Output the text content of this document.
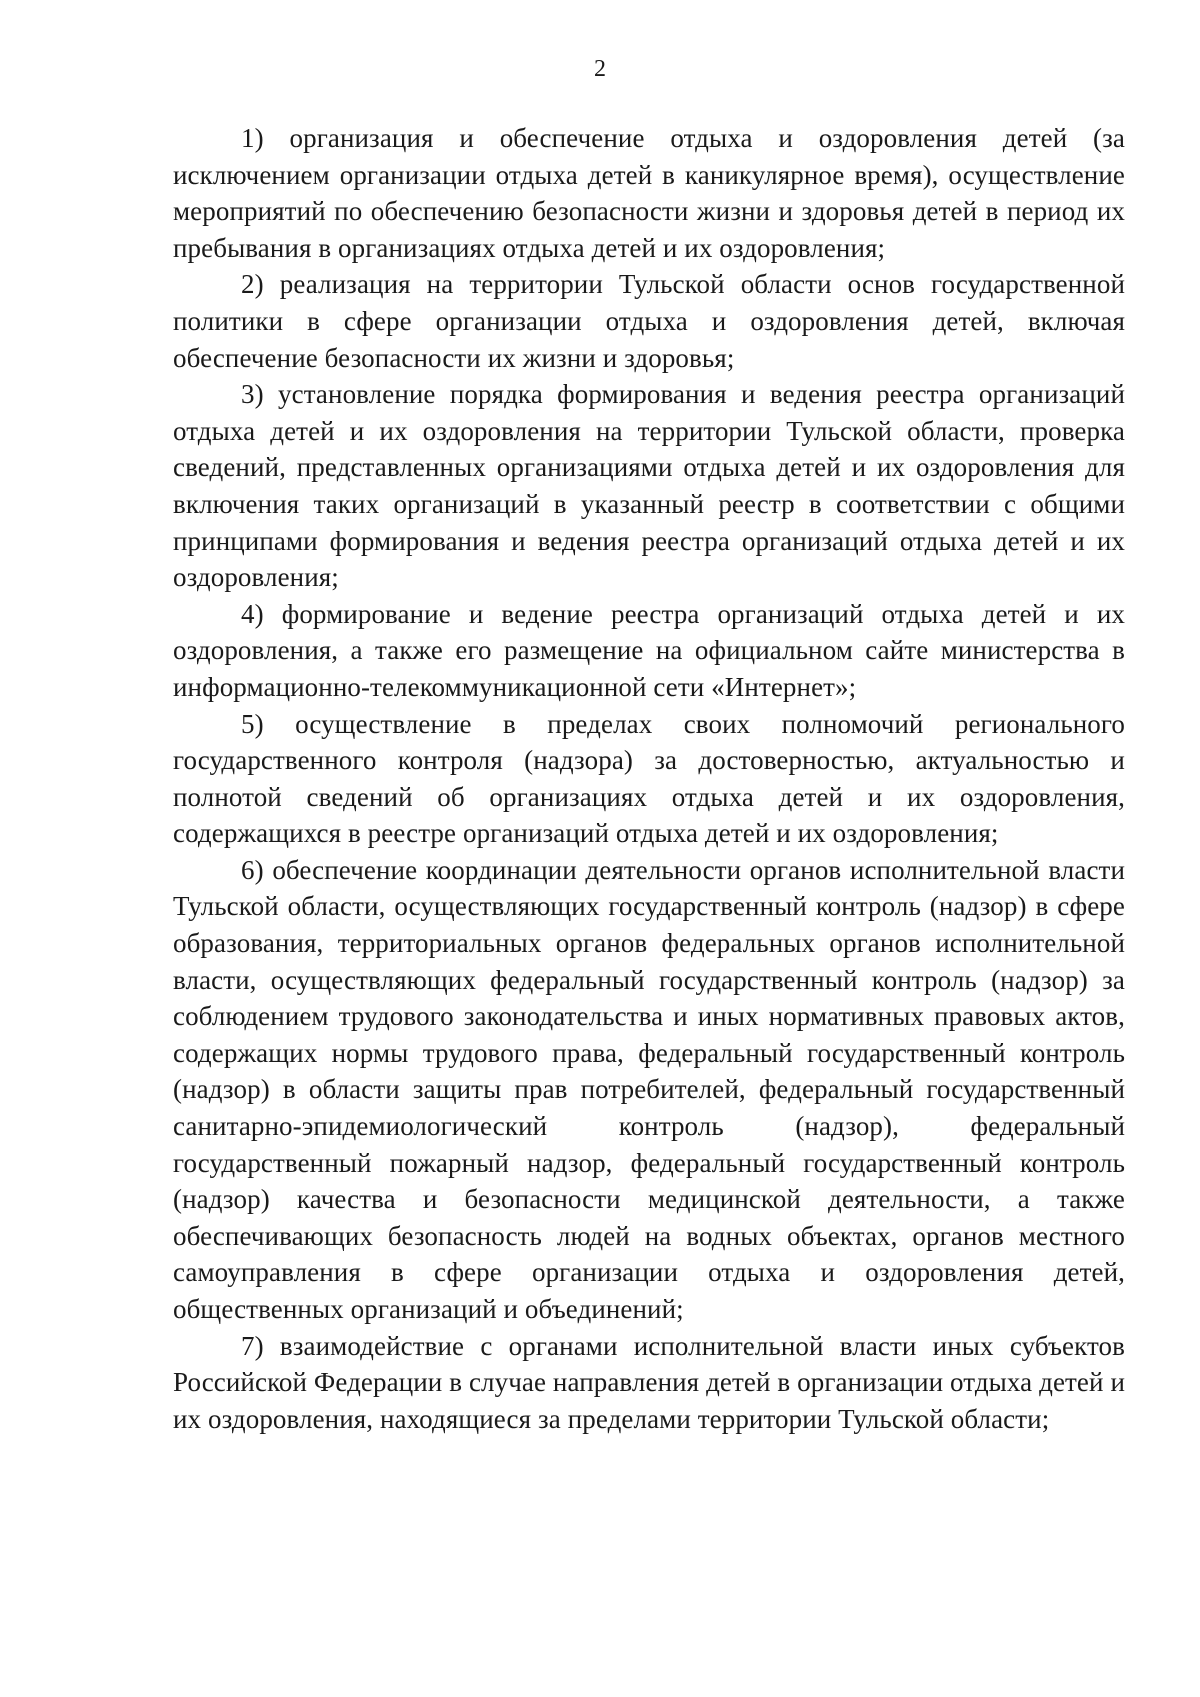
2

1) организация и обеспечение отдыха и оздоровления детей (за исключением организации отдыха детей в каникулярное время), осуществление мероприятий по обеспечению безопасности жизни и здоровья детей в период их пребывания в организациях отдыха детей и их оздоровления;

2) реализация на территории Тульской области основ государственной политики в сфере организации отдыха и оздоровления детей, включая обеспечение безопасности их жизни и здоровья;

3) установление порядка формирования и ведения реестра организаций отдыха детей и их оздоровления на территории Тульской области, проверка сведений, представленных организациями отдыха детей и их оздоровления для включения таких организаций в указанный реестр в соответствии с общими принципами формирования и ведения реестра организаций отдыха детей и их оздоровления;

4) формирование и ведение реестра организаций отдыха детей и их оздоровления, а также его размещение на официальном сайте министерства в информационно-телекоммуникационной сети «Интернет»;

5) осуществление в пределах своих полномочий регионального государственного контроля (надзора) за достоверностью, актуальностью и полнотой сведений об организациях отдыха детей и их оздоровления, содержащихся в реестре организаций отдыха детей и их оздоровления;

6) обеспечение координации деятельности органов исполнительной власти Тульской области, осуществляющих государственный контроль (надзор) в сфере образования, территориальных органов федеральных органов исполнительной власти, осуществляющих федеральный государственный контроль (надзор) за соблюдением трудового законодательства и иных нормативных правовых актов, содержащих нормы трудового права, федеральный государственный контроль (надзор) в области защиты прав потребителей, федеральный государственный санитарно-эпидемиологический контроль (надзор), федеральный государственный пожарный надзор, федеральный государственный контроль (надзор) качества и безопасности медицинской деятельности, а также обеспечивающих безопасность людей на водных объектах, органов местного самоуправления в сфере организации отдыха и оздоровления детей, общественных организаций и объединений;

7) взаимодействие с органами исполнительной власти иных субъектов Российской Федерации в случае направления детей в организации отдыха детей и их оздоровления, находящиеся за пределами территории Тульской области;
